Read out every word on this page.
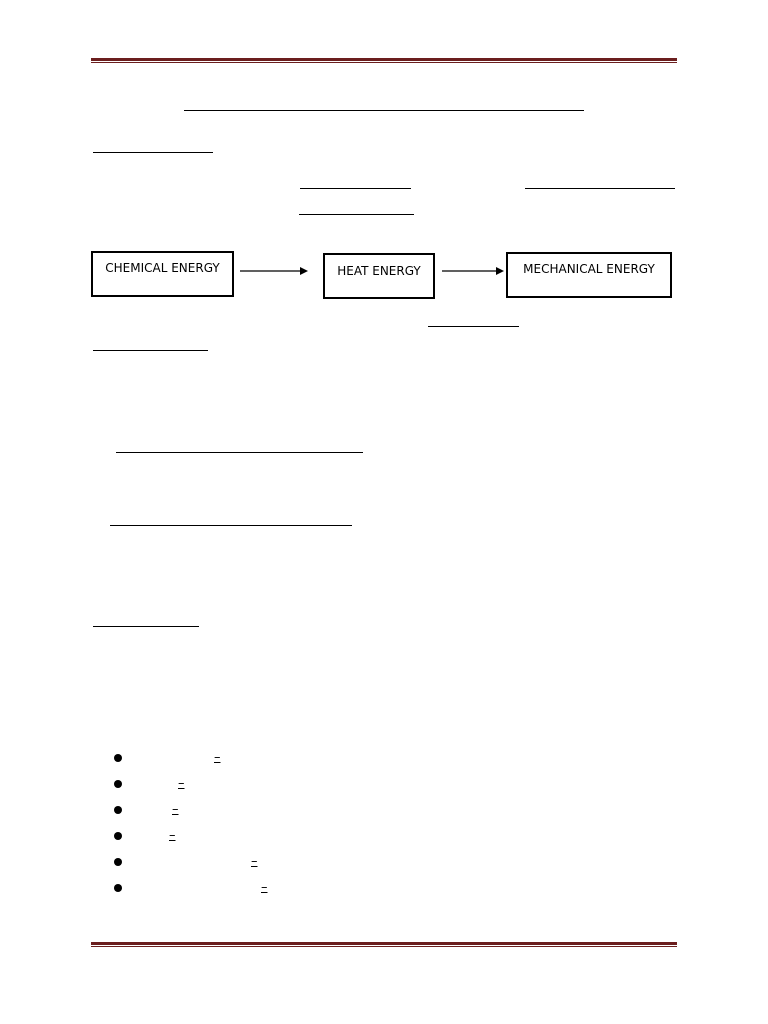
CHEMICAL ENERGY	HEAT ENERGY	MECHANICAL ENERGY
–
–
–
–
–
–
